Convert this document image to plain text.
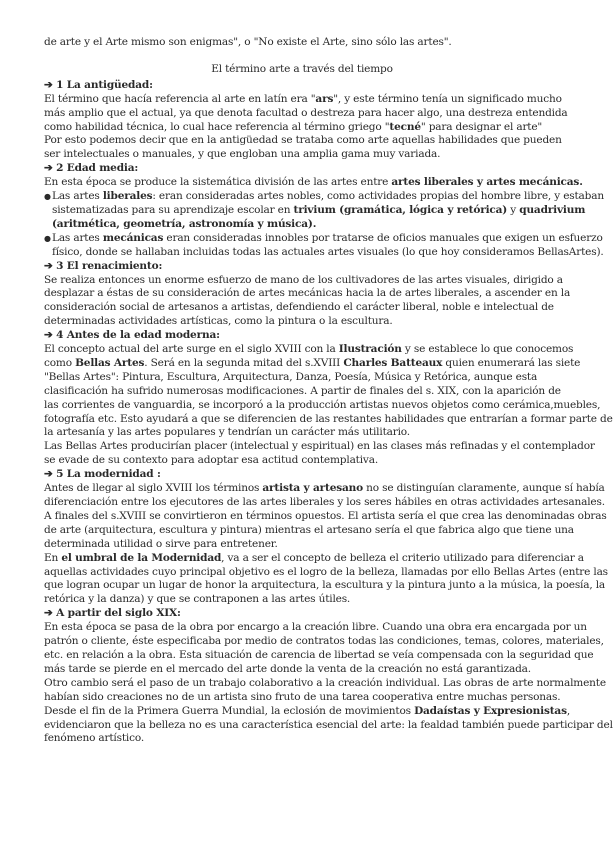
de arte y el Arte mismo son enigmas", o "No existe el Arte, sino sólo las artes".
El término arte a través del tiempo
➔ 1 La antigüedad:
El término que hacía referencia al arte en latín era "ars", y este término tenía un significado mucho
más amplio que el actual, ya que denota facultad o destreza para hacer algo, una destreza entendida
como habilidad técnica, lo cual hace referencia al término griego "tecné" para designar el arte"
Por esto podemos decir que en la antigüedad se trataba como arte aquellas habilidades que pueden
ser intelectuales o manuales, y que engloban una amplia gama muy variada.
➔ 2 Edad media:
En esta época se produce la sistemática división de las artes entre artes liberales y artes mecánicas.
● Las artes liberales: eran consideradas artes nobles, como actividades propias del hombre libre, y estaban
sistematizadas para su aprendizaje escolar en trivium (gramática, lógica y retórica) y quadrivium
(aritmética, geometría, astronomía y música).
● Las artes mecánicas eran consideradas innobles por tratarse de oficios manuales que exigen un esfuerzo
físico, donde se hallaban incluidas todas las actuales artes visuales (lo que hoy consideramos BellasArtes).
➔ 3 El renacimiento:
Se realiza entonces un enorme esfuerzo de mano de los cultivadores de las artes visuales, dirigido a
desplazar a éstas de su consideración de artes mecánicas hacia la de artes liberales, a ascender en la
consideración social de artesanos a artistas, defendiendo el carácter liberal, noble e intelectual de
determinadas actividades artísticas, como la pintura o la escultura.
➔ 4 Antes de la edad moderna:
El concepto actual del arte surge en el siglo XVIII con la Ilustración y se establece lo que conocemos
como Bellas Artes. Será en la segunda mitad del s.XVIII Charles Batteaux quien enumerará las siete
"Bellas Artes": Pintura, Escultura, Arquitectura, Danza, Poesía, Música y Retórica, aunque esta
clasificación ha sufrido numerosas modificaciones. A partir de finales del s. XIX, con la aparición de
las corrientes de vanguardia, se incorporó a la producción artistas nuevos objetos como cerámica,muebles,
fotografía etc. Esto ayudará a que se diferencien de las restantes habilidades que entrarían a formar parte de
la artesanía y las artes populares y tendrían un carácter más utilitario.
Las Bellas Artes producirían placer (intelectual y espiritual) en las clases más refinadas y el contemplador
se evade de su contexto para adoptar esa actitud contemplativa.
➔ 5 La modernidad :
Antes de llegar al siglo XVIII los términos artista y artesano no se distinguían claramente, aunque sí había
diferenciación entre los ejecutores de las artes liberales y los seres hábiles en otras actividades artesanales.
A finales del s.XVIII se convirtieron en términos opuestos. El artista sería el que crea las denominadas obras
de arte (arquitectura, escultura y pintura) mientras el artesano sería el que fabrica algo que tiene una
determinada utilidad o sirve para entretener.
En el umbral de la Modernidad, va a ser el concepto de belleza el criterio utilizado para diferenciar a
aquellas actividades cuyo principal objetivo es el logro de la belleza, llamadas por ello Bellas Artes (entre las
que logran ocupar un lugar de honor la arquitectura, la escultura y la pintura junto a la música, la poesía, la
retórica y la danza) y que se contraponen a las artes útiles.
➔ A partir del siglo XIX:
En esta época se pasa de la obra por encargo a la creación libre. Cuando una obra era encargada por un
patrón o cliente, éste especificaba por medio de contratos todas las condiciones, temas, colores, materiales,
etc. en relación a la obra. Esta situación de carencia de libertad se veía compensada con la seguridad que
más tarde se pierde en el mercado del arte donde la venta de la creación no está garantizada.
Otro cambio será el paso de un trabajo colaborativo a la creación individual. Las obras de arte normalmente
habían sido creaciones no de un artista sino fruto de una tarea cooperativa entre muchas personas.
Desde el fin de la Primera Guerra Mundial, la eclosión de movimientos Dadaístas y Expresionistas,
evidenciaron que la belleza no es una característica esencial del arte: la fealdad también puede participar del
fenómeno artístico.
